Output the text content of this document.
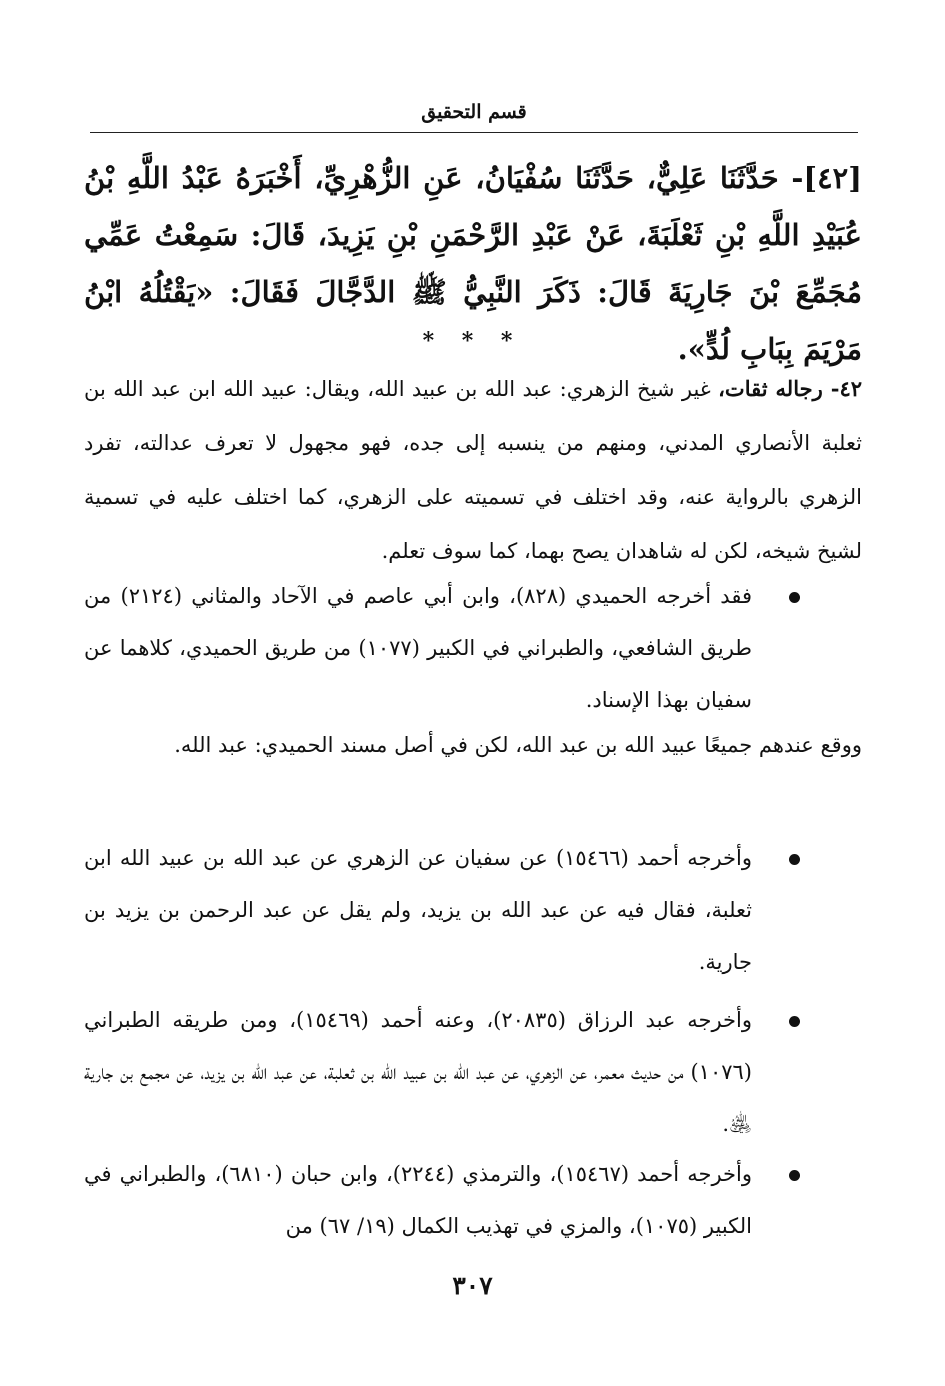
قسم التحقيق
[٤٢]- حَدَّثَنَا عَلِيٌّ، حَدَّثَنَا سُفْيَانُ، عَنِ الزُّهْرِيِّ، أَخْبَرَهُ عَبْدُ اللَّهِ بْنُ عُبَيْدِ اللَّهِ بْنِ ثَعْلَبَةَ، عَنْ عَبْدِ الرَّحْمَنِ بْنِ يَزِيدَ، قَالَ: سَمِعْتُ عَمِّي مُجَمِّعَ بْنَ جَارِيَةَ قَالَ: ذَكَرَ النَّبِيُّ ﷺ الدَّجَّالَ فَقَالَ: «يَقْتُلُهُ ابْنُ مَرْيَمَ بِبَابِ لُدٍّ».
* * *
٤٢- رجاله ثقات، غير شيخ الزهري: عبد الله بن عبيد الله، ويقال: عبيد الله ابن عبد الله بن ثعلبة الأنصاري المدني، ومنهم من ينسبه إلى جده، فهو مجهول لا تعرف عدالته، تفرد الزهري بالرواية عنه، وقد اختلف في تسميته على الزهري، كما اختلف عليه في تسمية لشيخ شيخه، لكن له شاهدان يصح بهما، كما سوف تعلم.
فقد أخرجه الحميدي (٨٢٨)، وابن أبي عاصم في الآحاد والمثاني (٢١٢٤) من طريق الشافعي، والطبراني في الكبير (١٠٧٧) من طريق الحميدي، كلاهما عن سفيان بهذا الإسناد.
ووقع عندهم جميعًا عبيد الله بن عبد الله، لكن في أصل مسند الحميدي: عبد الله.
وأخرجه أحمد (١٥٤٦٦) عن سفيان عن الزهري عن عبد الله بن عبيد الله ابن ثعلبة، فقال فيه عن عبد الله بن يزيد، ولم يقل عن عبد الرحمن بن يزيد بن جارية.
وأخرجه عبد الرزاق (٢٠٨٣٥)، وعنه أحمد (١٥٤٦٩)، ومن طريقه الطبراني (١٠٧٦) من حديث معمر، عن الزهري، عن عبد الله بن عبيد الله بن ثعلبة، عن عبد الله بن يزيد، عن مجمع بن جارية ﵁.
وأخرجه أحمد (١٥٤٦٧)، والترمذي (٢٢٤٤)، وابن حبان (٦٨١٠)، والطبراني في الكبير (١٠٧٥)، والمزي في تهذيب الكمال (١٩/ ٦٧) من
٣٠٧
